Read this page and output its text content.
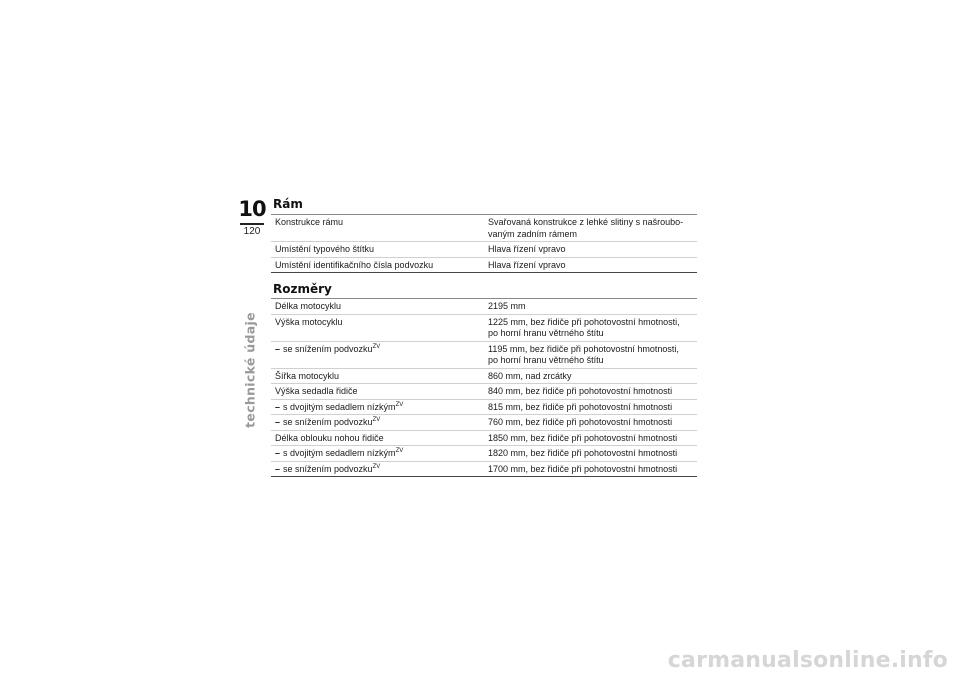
10
120
technické údaje
Rám
Konstrukce rámu	Svařovaná konstrukce z lehké slitiny s našroubo-
vaným zadním rámem
Umístění typového štítku	Hlava řízení vpravo
Umístění identifikačního čísla podvozku	Hlava řízení vpravo
Rozměry
Délka motocyklu	2195 mm
Výška motocyklu	1225 mm, bez řidiče při pohotovostní hmotnosti,
po horní hranu větrného štítu
– se snížením podvozku$^{ZV}$	1195 mm, bez řidiče při pohotovostní hmotnosti,
po horní hranu větrného štítu
Šířka motocyklu	860 mm, nad zrcátky
Výška sedadla řidiče	840 mm, bez řidiče při pohotovostní hmotnosti
– s dvojitým sedadlem nízkým$^{ZV}$	815 mm, bez řidiče při pohotovostní hmotnosti
– se snížením podvozku$^{ZV}$	760 mm, bez řidiče při pohotovostní hmotnosti
Délka oblouku nohou řidiče	1850 mm, bez řidiče při pohotovostní hmotnosti
– s dvojitým sedadlem nízkým$^{ZV}$	1820 mm, bez řidiče při pohotovostní hmotnosti
– se snížením podvozku$^{ZV}$	1700 mm, bez řidiče při pohotovostní hmotnosti
carmanualsonline.info
